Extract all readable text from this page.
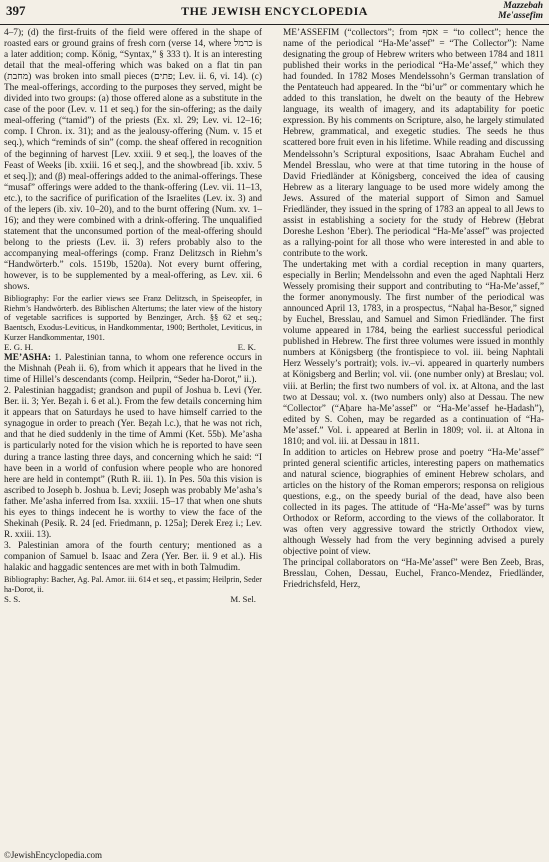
397	THE JEWISH ENCYCLOPEDIA	Mazzebah
Me'assefim

4–7); (d) the first-fruits of the field were offered in the shape of roasted ears or ground grains of fresh corn (verse 14, where כרמל is a later addition; comp. König, “Syntax,” § 333 t). It is an interesting detail that the meal-offering which was baked on a flat tin pan (מחבת) was broken into small pieces (פתים; Lev. ii. 6, vi. 14). (c) The meal-offerings, according to the purposes they served, might be divided into two groups: (a) those offered alone as a substitute in the case of the poor (Lev. v. 11 et seq.) for the sin-offering; as the daily meal-offering (“tamid”) of the priests (Ex. xl. 29; Lev. vi. 12–16; comp. I Chron. ix. 31); and as the jealousy-offering (Num. v. 15 et seq.), which “reminds of sin” (comp. the sheaf offered in recognition of the beginning of harvest [Lev. xxiii. 9 et seq.], the loaves of the Feast of Weeks [ib. xxiii. 16 et seq.], and the showbread [ib. xxiv. 5 et seq.]); and (β) meal-offerings added to the animal-offerings. These “musaf” offerings were added to the thank-offering (Lev. vii. 11–13, etc.), to the sacrifice of purification of the Israelites (Lev. ix. 3) and of the lepers (ib. xiv. 10–20), and to the burnt offering (Num. xv. 1–16); and they were combined with a drink-offering. The unqualified statement that the unconsumed portion of the meal-offering should belong to the priests (Lev. ii. 3) refers probably also to the accompanying meal-offerings (comp. Franz Delitzsch in Riehm’s “Handwörterb.” cols. 1519b, 1520a). Not every burnt offering, however, is to be supplemented by a meal-offering, as Lev. xii. 6 shows.

Bibliography: For the earlier views see Franz Delitzsch, in Speiseopfer, in Riehm’s Handwörterb. des Biblischen Altertums; the later view of the history of vegetable sacrifices is supported by Benzinger, Arch. §§ 62 et seq.; Baentsch, Exodus-Leviticus, in Handkommentar, 1900; Bertholet, Leviticus, in Kurzer Handkommentar, 1901.

E. G. H.	E. K.

ME’ASHA: 1. Palestinian tanna, to whom one reference occurs in the Mishnah (Peah ii. 6), from which it appears that he lived in the time of Hillel’s descendants (comp. Heilprin, “Seder ha-Dorot,” ii.).

2. Palestinian haggadist; grandson and pupil of Joshua b. Levi (Yer. Ber. ii. 3; Yer. Beẓah i. 6 et al.). From the few details concerning him it appears that on Saturdays he used to have himself carried to the synagogue in order to preach (Yer. Beẓah l.c.), that he was not rich, and that he died suddenly in the time of Ammi (Ket. 55b). Me’asha is particularly noted for the vision which he is reported to have seen during a trance lasting three days, and concerning which he said: “I have been in a world of confusion where people who are honored here are held in contempt” (Ruth R. iii. 1). In Pes. 50a this vision is ascribed to Joseph b. Joshua b. Levi; Joseph was probably Me’asha’s father. Me’asha inferred from Isa. xxxiii. 15–17 that when one shuts his eyes to things indecent he is worthy to view the face of the Shekinah (Pesiḳ. R. 24 [ed. Friedmann, p. 125a]; Derek Ereẓ i.; Lev. R. xxiii. 13).

3. Palestinian amora of the fourth century; mentioned as a companion of Samuel b. Isaac and Zera (Yer. Ber. ii. 9 et al.). His halakic and haggadic sentences are met with in both Talmudim.

Bibliography: Bacher, Ag. Pal. Amor. iii. 614 et seq., et passim; Heilprin, Seder ha-Dorot, ii.

S. S.	M. Sel.

ME’ASSEFIM (“collectors”; from אסף = “to collect”; hence the name of the periodical “Ha-Me’assef” = “The Collector”): Name designating the group of Hebrew writers who between 1784 and 1811 published their works in the periodical “Ha-Me’assef,” which they had founded. In 1782 Moses Mendelssohn’s German translation of the Pentateuch had appeared. In the “bi’ur” or commentary which he added to this translation, he dwelt on the beauty of the Hebrew language, its wealth of imagery, and its adaptability for poetic expression. By his comments on Scripture, also, he largely stimulated Hebrew, grammatical, and exegetic studies. The seeds he thus scattered bore fruit even in his lifetime. While reading and discussing Mendelssohn’s Scriptural expositions, Isaac Abraham Euchel and Mendel Bresslau, who were at that time tutoring in the house of David Friedländer at Königsberg, conceived the idea of causing Hebrew as a literary language to be used more widely among the Jews. Assured of the material support of Simon and Samuel Friedländer, they issued in the spring of 1783 an appeal to all Jews to assist in establishing a society for the study of Hebrew (Ḥebrat Doreshe Leshon ’Eber). The periodical “Ha-Me’assef” was projected as a rallying-point for all those who were interested in and able to contribute to the work.

The undertaking met with a cordial reception in many quarters, especially in Berlin; Mendelssohn and even the aged Naphtali Herz Wessely promising their support and contributing to “Ha-Me’assef,” the former anonymously. The first number of the periodical was announced April 13, 1783, in a prospectus, “Naḥal ha-Besor,” signed by Euchel, Bresslau, and Samuel and Simon Friedländer. The first volume appeared in 1784, being the earliest successful periodical published in Hebrew. The first three volumes were issued in monthly numbers at Königsberg (the frontispiece to vol. iii. being Naphtali Herz Wessely’s portrait); vols. iv.–vi. appeared in quarterly numbers at Königsberg and Berlin; vol. vii. (one number only) at Breslau; vol. viii. at Berlin; the first two numbers of vol. ix. at Altona, and the last two at Dessau; vol. x. (two numbers only) also at Dessau. The new “Collector” (“Aḥare ha-Me’assef” or “Ha-Me’assef he-Ḥadash”), edited by S. Cohen, may be regarded as a continuation of “Ha-Me’assef.” Vol. i. appeared at Berlin in 1809; vol. ii. at Altona in 1810; and vol. iii. at Dessau in 1811.

In addition to articles on Hebrew prose and poetry “Ha-Me’assef” printed general scientific articles, interesting papers on mathematics and natural science, biographies of eminent Hebrew scholars, and articles on the history of the Roman emperors; responsa on religious questions, e.g., on the speedy burial of the dead, have also been collected in its pages. The attitude of “Ha-Me’assef” was by turns Orthodox or Reform, according to the views of the collaborator. It was often very aggressive toward the strictly Orthodox view, although Wessely had from the very beginning advised a purely objective point of view.

The principal collaborators on “Ha-Me’assef” were Ben Zeeb, Bras, Bresslau, Cohen, Dessau, Euchel, Franco-Mendez, Friedländer, Friedrichsfeld, Herz,

©JewishEncyclopedia.com
